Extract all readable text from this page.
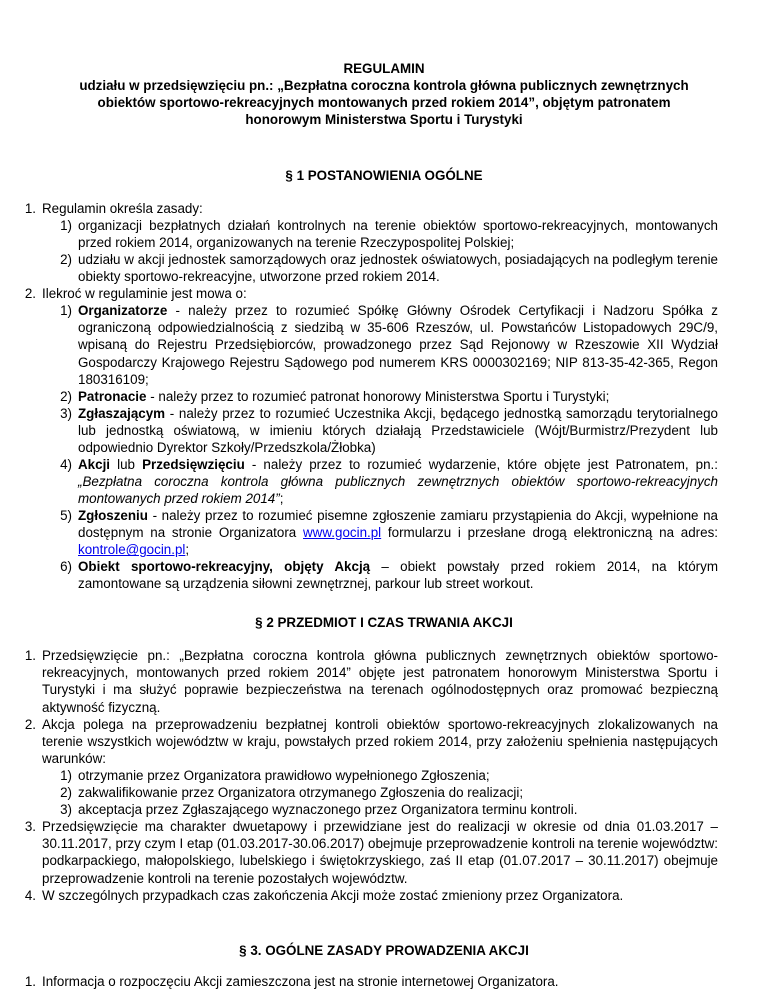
REGULAMIN
udziału w przedsięwzięciu pn.: „Bezpłatna coroczna kontrola główna publicznych zewnętrznych
obiektów sportowo-rekreacyjnych montowanych przed rokiem 2014”, objętym patronatem
honorowym Ministerstwa Sportu i Turystyki
§ 1 POSTANOWIENIA OGÓLNE
1. Regulamin określa zasady:
1) organizacji bezpłatnych działań kontrolnych na terenie obiektów sportowo-rekreacyjnych, montowanych przed rokiem 2014, organizowanych na terenie Rzeczypospolitej Polskiej;
2) udziału w akcji jednostek samorządowych oraz jednostek oświatowych, posiadających na podległym terenie obiekty sportowo-rekreacyjne, utworzone przed rokiem 2014.
2. Ilekroć w regulaminie jest mowa o:
1) Organizatorze - należy przez to rozumieć Spółkę Główny Ośrodek Certyfikacji i Nadzoru Spółka z ograniczoną odpowiedzialnością z siedzibą w 35-606 Rzeszów, ul. Powstańców Listopadowych 29C/9, wpisaną do Rejestru Przedsiębiorców, prowadzonego przez Sąd Rejonowy w Rzeszowie XII Wydział Gospodarczy Krajowego Rejestru Sądowego pod numerem KRS 0000302169; NIP 813-35-42-365, Regon 180316109;
2) Patronacie - należy przez to rozumieć patronat honorowy Ministerstwa Sportu i Turystyki;
3) Zgłaszającym - należy przez to rozumieć Uczestnika Akcji, będącego jednostką samorządu terytorialnego lub jednostką oświatową, w imieniu których działają Przedstawiciele (Wójt/Burmistrz/Prezydent lub odpowiednio Dyrektor Szkoły/Przedszkola/Żłobka)
4) Akcji lub Przedsięwzięciu - należy przez to rozumieć wydarzenie, które objęte jest Patronatem, pn.: „Bezpłatna coroczna kontrola główna publicznych zewnętrznych obiektów sportowo-rekreacyjnych montowanych przed rokiem 2014”;
5) Zgłoszeniu - należy przez to rozumieć pisemne zgłoszenie zamiaru przystąpienia do Akcji, wypełnione na dostępnym na stronie Organizatora www.gocin.pl formularzu i przesłane drogą elektroniczną na adres: kontrole@gocin.pl;
6) Obiekt sportowo-rekreacyjny, objęty Akcją – obiekt powstały przed rokiem 2014, na którym zamontowane są urządzenia siłowni zewnętrznej, parkour lub street workout.
§ 2 PRZEDMIOT I CZAS TRWANIA AKCJI
1. Przedsięwzięcie pn.: „Bezpłatna coroczna kontrola główna publicznych zewnętrznych obiektów sportowo-rekreacyjnych, montowanych przed rokiem 2014” objęte jest patronatem honorowym Ministerstwa Sportu i Turystyki i ma służyć poprawie bezpieczeństwa na terenach ogólnodostępnych oraz promować bezpieczną aktywność fizyczną.
2. Akcja polega na przeprowadzeniu bezpłatnej kontroli obiektów sportowo-rekreacyjnych zlokalizowanych na terenie wszystkich województw w kraju, powstałych przed rokiem 2014, przy założeniu spełnienia następujących warunków:
1) otrzymanie przez Organizatora prawidłowo wypełnionego Zgłoszenia;
2) zakwalifikowanie przez Organizatora otrzymanego Zgłoszenia do realizacji;
3) akceptacja przez Zgłaszającego wyznaczonego przez Organizatora terminu kontroli.
3. Przedsięwzięcie ma charakter dwuetapowy i przewidziane jest do realizacji w okresie od dnia 01.03.2017 – 30.11.2017, przy czym I etap (01.03.2017-30.06.2017) obejmuje przeprowadzenie kontroli na terenie województw: podkarpackiego, małopolskiego, lubelskiego i świętokrzyskiego, zaś II etap (01.07.2017 – 30.11.2017) obejmuje przeprowadzenie kontroli na terenie pozostałych województw.
4. W szczególnych przypadkach czas zakończenia Akcji może zostać zmieniony przez Organizatora.
§ 3. OGÓLNE ZASADY PROWADZENIA AKCJI
1. Informacja o rozpoczęciu Akcji zamieszczona jest na stronie internetowej Organizatora.
